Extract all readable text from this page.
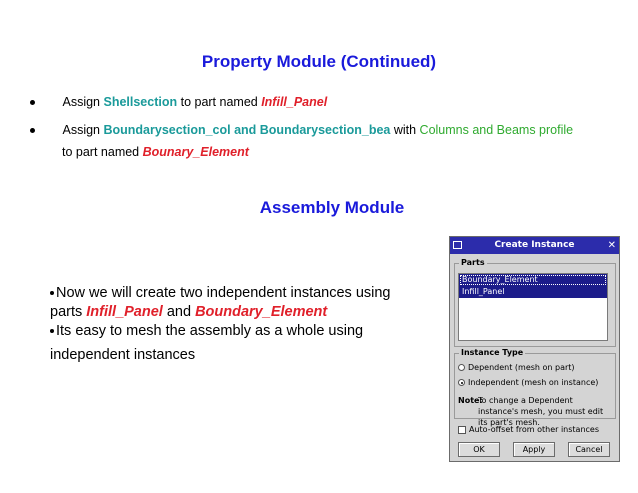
Property Module (Continued)
Assign Shellsection to part named Infill_Panel
Assign Boundarysection_col and Boundarysection_bea with Columns and Beams profile
to part named Bounary_Element
Assembly Module
Now we will create two independent instances using
parts Infill_Panel and Boundary_Element
Its easy to mesh the assembly as a whole using
independent instances
Create Instance	✕
Parts
Boundary_Element
Infill_Panel
Instance Type
Dependent (mesh on part)
Independent (mesh on instance)
Note:To change a Dependent instance's mesh, you must edit its part's mesh.
Auto-offset from other instances
OK	Apply	Cancel
